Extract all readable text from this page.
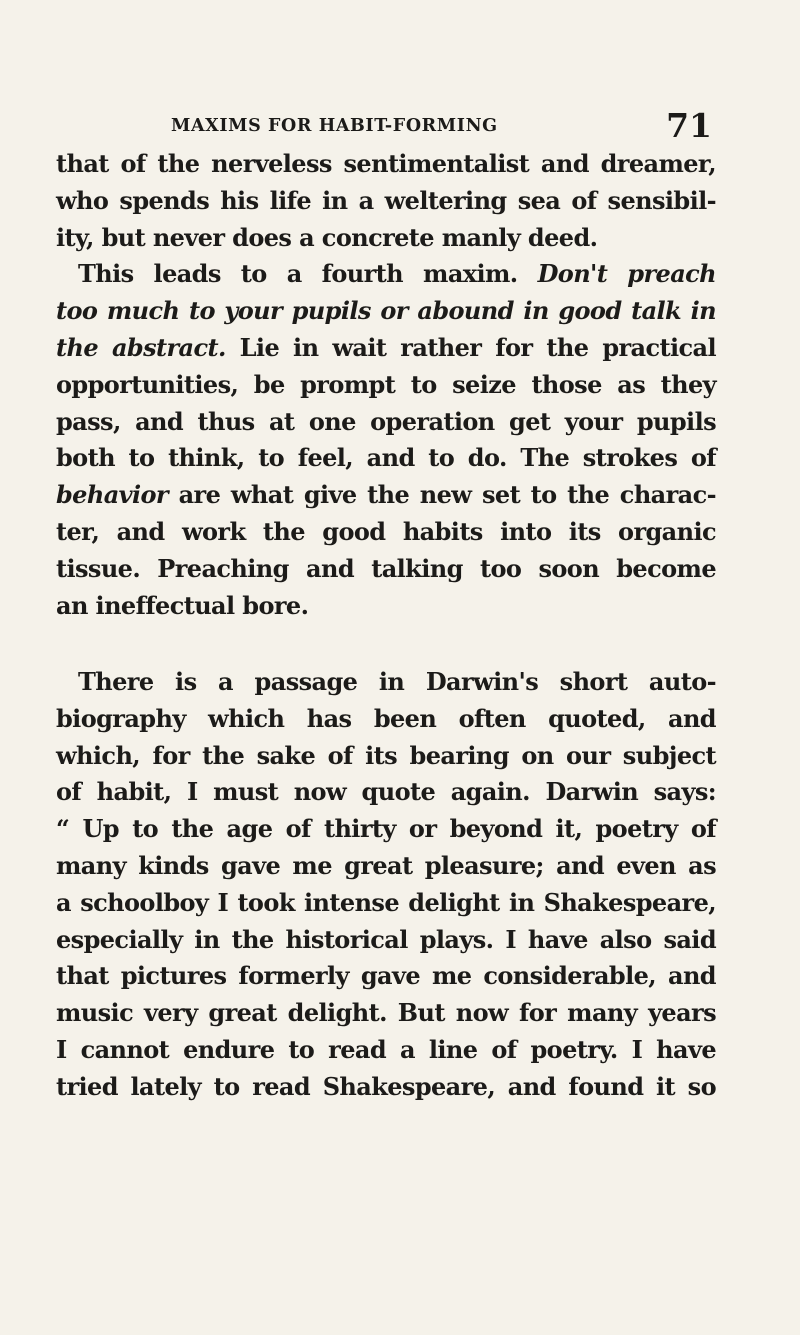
MAXIMS FOR HABIT-FORMING	71
that of the nerveless sentimentalist and dreamer,
who spends his life in a weltering sea of sensibil-
ity, but never does a concrete manly deed.
This leads to a fourth maxim. Don't preach
too much to your pupils or abound in good talk in
the abstract. Lie in wait rather for the practical
opportunities, be prompt to seize those as they
pass, and thus at one operation get your pupils
both to think, to feel, and to do. The strokes of
behavior are what give the new set to the charac-
ter, and work the good habits into its organic
tissue. Preaching and talking too soon become
an ineffectual bore.
There is a passage in Darwin's short auto-
biography which has been often quoted, and
which, for the sake of its bearing on our subject
of habit, I must now quote again. Darwin says:
“ Up to the age of thirty or beyond it, poetry of
many kinds gave me great pleasure; and even as
a schoolboy I took intense delight in Shakespeare,
especially in the historical plays. I have also said
that pictures formerly gave me considerable, and
music very great delight. But now for many years
I cannot endure to read a line of poetry. I have
tried lately to read Shakespeare, and found it so
